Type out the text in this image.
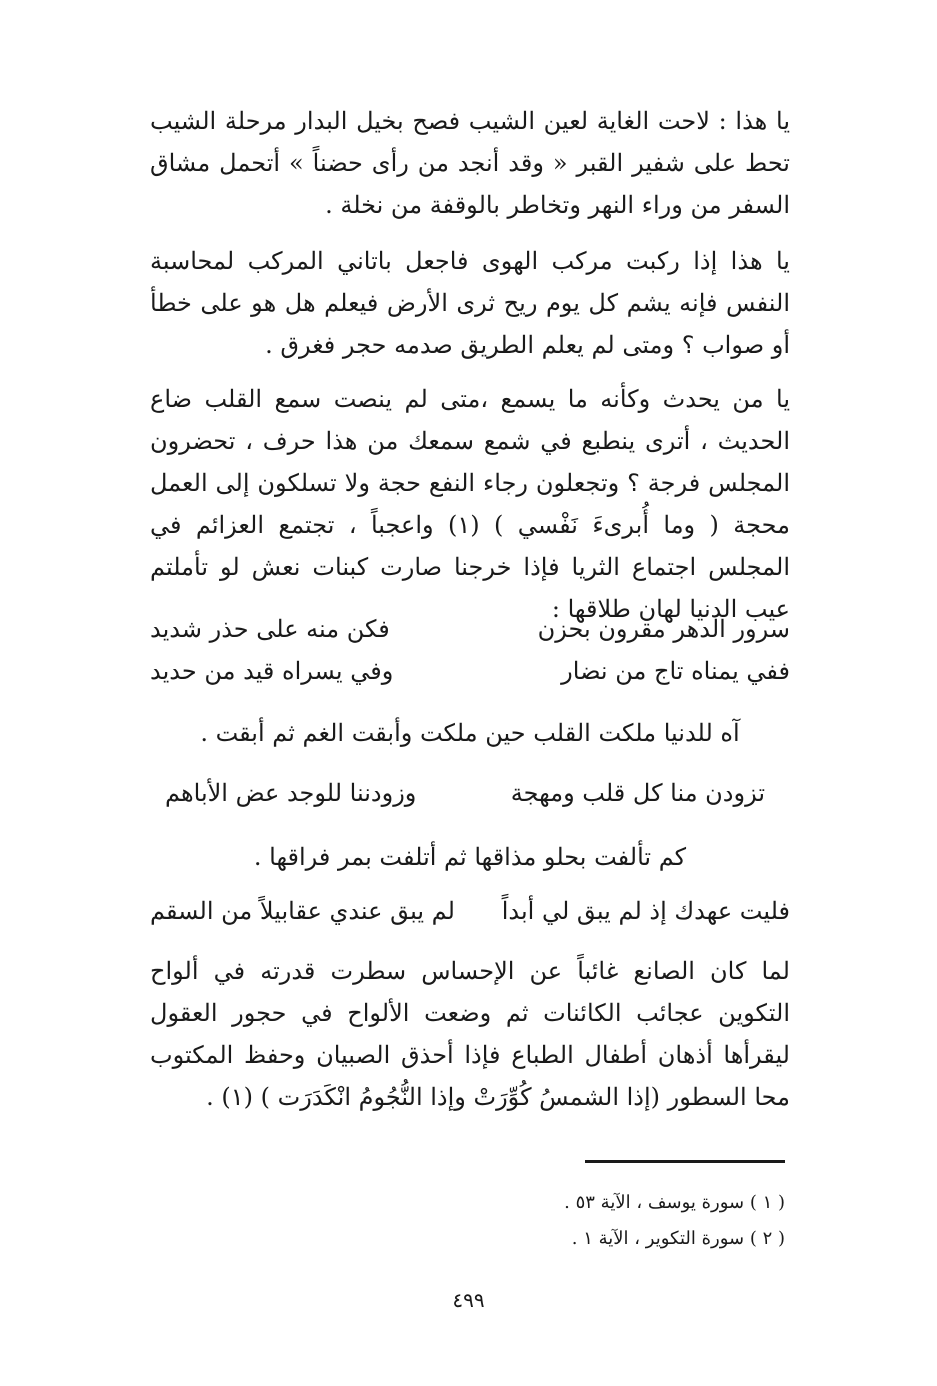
يا هذا : لاحت الغاية لعين الشيب فصح بخيل البدار مرحلة الشيب تحط على شفير القبر « وقد أنجد من رأى حضناً » أتحمل مشاق السفر من وراء النهر وتخاطر بالوقفة من نخلة .

يا هذا إذا ركبت مركب الهوى فاجعل باتاني المركب لمحاسبة النفس فإنه يشم كل يوم ريح ثرى الأرض فيعلم هل هو على خطأ أو صواب ؟ ومتى لم يعلم الطريق صدمه حجر فغرق .

يا من يحدث وكأنه ما يسمع ،متى لم ينصت سمع القلب ضاع الحديث ، أترى ينطبع في شمع سمعك من هذا حرف ، تحضرون المجلس فرجة ؟ وتجعلون رجاء النفع حجة ولا تسلكون إلى العمل محجة ( وما أُبرىءَ نَفْسي ) (١) واعجباً ، تجتمع العزائم في المجلس اجتماع الثريا فإذا خرجنا صارت كبنات نعش لو تأملتم عيب الدنيا لهان طلاقها :

سرور الدهر مقرون بحزن
فكن منه على حذر شديد
ففي يمناه تاج من نضار
وفي يسراه قيد من حديد

آه للدنيا ملكت القلب حين ملكت وأبقت الغم ثم أبقت .

تزودن منا كل قلب ومهجة
وزودننا للوجد عض الأباهم

كم تألفت بحلو مذاقها ثم أتلفت بمر فراقها .

فليت عهدك إذ لم يبق لي أبداً
لم يبق عندي عقابيلاً من السقم

لما كان الصانع غائباً عن الإحساس سطرت قدرته في ألواح التكوين عجائب الكائنات ثم وضعت الألواح في حجور العقول ليقرأها أذهان أطفال الطباع فإذا أحذق الصبيان وحفظ المكتوب محا السطور (إذا الشمسُ كُوِّرَتْ وإذا النُّجُومُ انْكَدَرَت ) (١) .

( ١ ) سورة يوسف ، الآية ٥٣ .

( ٢ ) سورة التكوير ، الآية ١ .

٤٩٩
